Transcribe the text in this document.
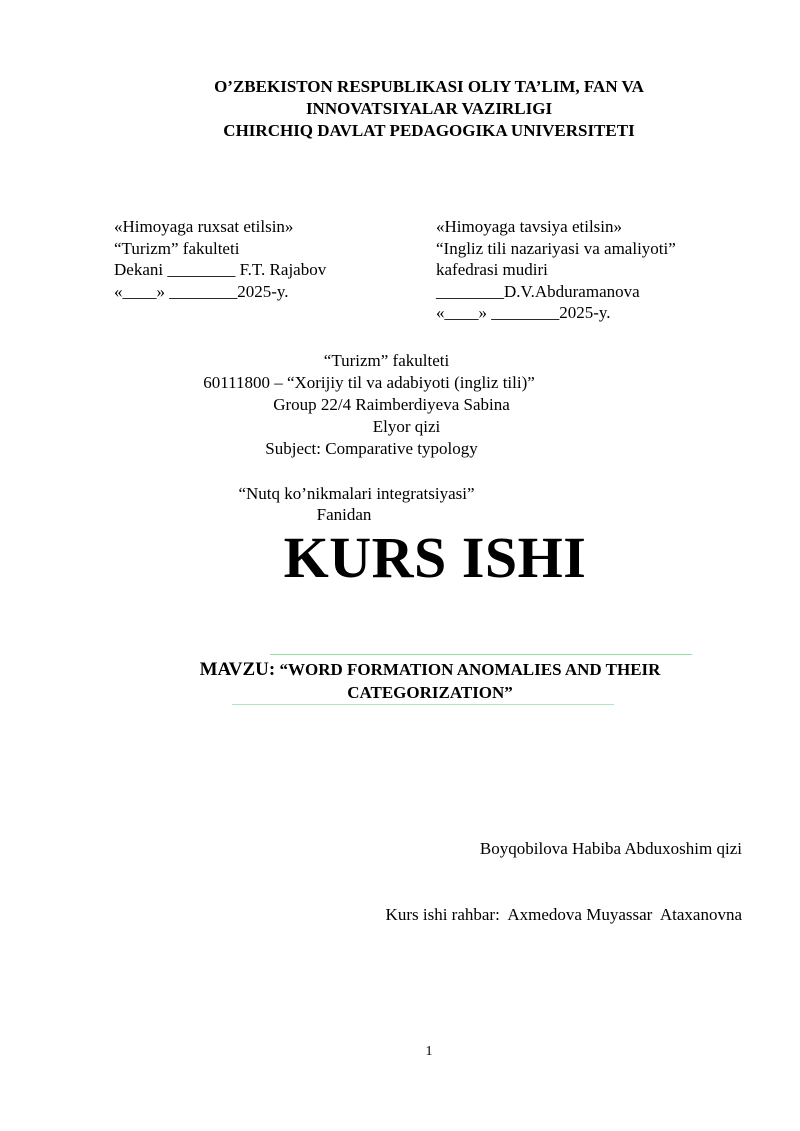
O’ZBEKISTON RESPUBLIKASI OLIY TA’LIM, FAN VA
INNOVATSIYALAR VAZIRLIGI
CHIRCHIQ DAVLAT PEDAGOGIKA UNIVERSITETI
«Himoyaga ruxsat etilsin»
“Turizm” fakulteti
Dekani ________ F.T. Rajabov
«____» ________2025-y.
«Himoyaga tavsiya etilsin»
“Ingliz tili nazariyasi va amaliyoti”
kafedrasi mudiri
________D.V.Abduramanova
«____» ________2025-y.
“Turizm” fakulteti
60111800 – “Xorijiy til va adabiyoti (ingliz tili)”
Group 22/4 Raimberdiyeva Sabina
Elyor qizi
Subject: Comparative typology
“Nutq ko’nikmalari integratsiyasi”
Fanidan
KURS ISHI
MAVZU: “WORD FORMATION ANOMALIES AND THEIR CATEGORIZATION”
Boyqobilova Habiba Abduxoshim qizi
Kurs ishi rahbar:  Axmedova Muyassar  Ataxanovna
1
